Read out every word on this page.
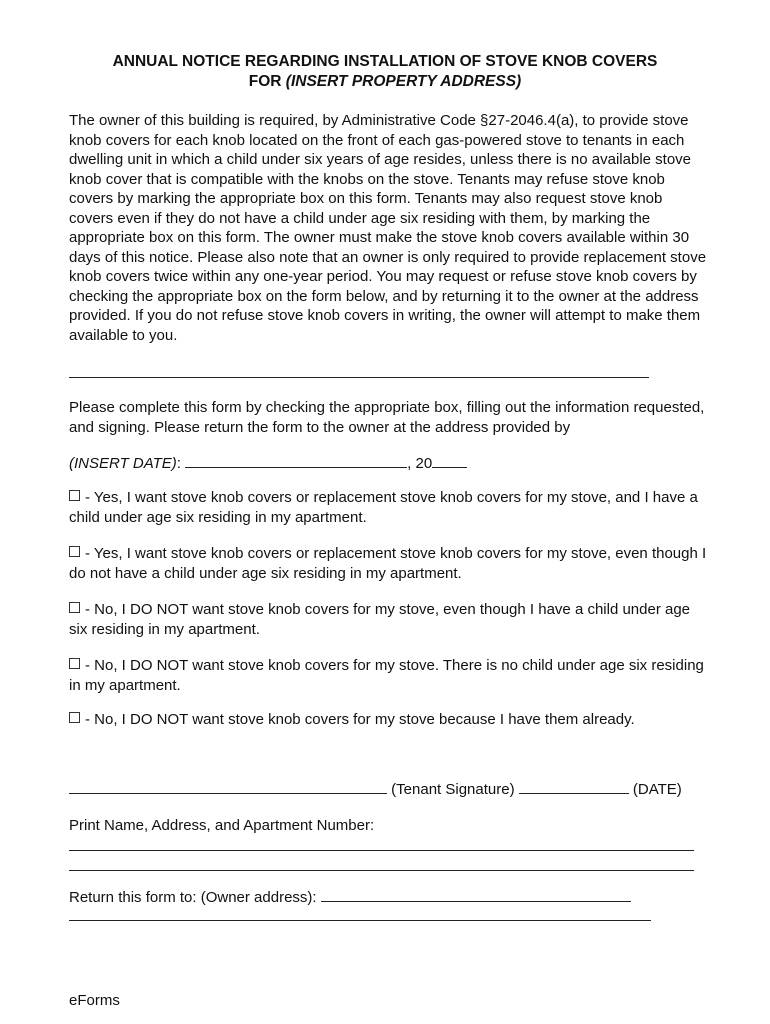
ANNUAL NOTICE REGARDING INSTALLATION OF STOVE KNOB COVERS
FOR (INSERT PROPERTY ADDRESS)

The owner of this building is required, by Administrative Code §27-2046.4(a), to provide stove knob covers for each knob located on the front of each gas-powered stove to tenants in each dwelling unit in which a child under six years of age resides, unless there is no available stove knob cover that is compatible with the knobs on the stove. Tenants may refuse stove knob covers by marking the appropriate box on this form. Tenants may also request stove knob covers even if they do not have a child under age six residing with them, by marking the appropriate box on this form. The owner must make the stove knob covers available within 30 days of this notice. Please also note that an owner is only required to provide replacement stove knob covers twice within any one-year period. You may request or refuse stove knob covers by checking the appropriate box on the form below, and by returning it to the owner at the address provided. If you do not refuse stove knob covers in writing, the owner will attempt to make them available to you.

Please complete this form by checking the appropriate box, filling out the information requested, and signing. Please return the form to the owner at the address provided by

(INSERT DATE):	, 20
- Yes, I want stove knob covers or replacement stove knob covers for my stove, and I have a child under age six residing in my apartment.
- Yes, I want stove knob covers or replacement stove knob covers for my stove, even though I do not have a child under age six residing in my apartment.
- No, I DO NOT want stove knob covers for my stove, even though I have a child under age six residing in my apartment.
- No, I DO NOT want stove knob covers for my stove. There is no child under age six residing in my apartment.
- No, I DO NOT want stove knob covers for my stove because I have them already.
(Tenant Signature)	(DATE)
Print Name, Address, and Apartment Number:
Return this form to: (Owner address):
eForms
